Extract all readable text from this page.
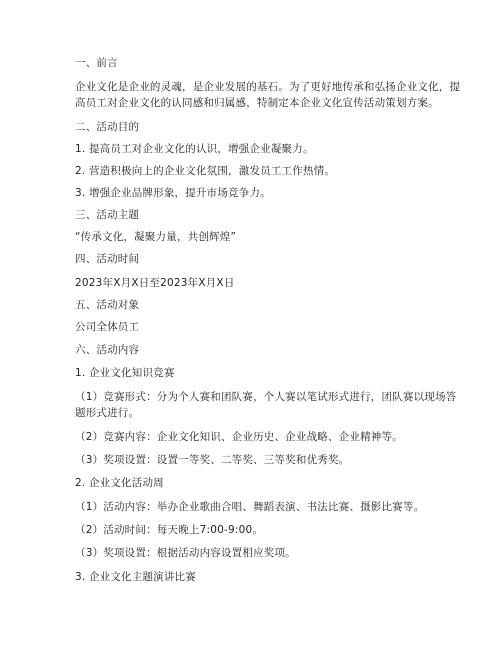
一、前言
企业文化是企业的灵魂，是企业发展的基石。为了更好地传承和弘扬企业文化，提
高员工对企业文化的认同感和归属感，特制定本企业文化宣传活动策划方案。
二、活动目的
1. 提高员工对企业文化的认识，增强企业凝聚力。
2. 营造积极向上的企业文化氛围，激发员工工作热情。
3. 增强企业品牌形象，提升市场竞争力。
三、活动主题
“传承文化，凝聚力量，共创辉煌”
四、活动时间
2023年X月X日至2023年X月X日
五、活动对象
公司全体员工
六、活动内容
1. 企业文化知识竞赛
（1）竞赛形式：分为个人赛和团队赛，个人赛以笔试形式进行，团队赛以现场答
题形式进行。
（2）竞赛内容：企业文化知识、企业历史、企业战略、企业精神等。
（3）奖项设置：设置一等奖、二等奖、三等奖和优秀奖。
2. 企业文化活动周
（1）活动内容：举办企业歌曲合唱、舞蹈表演、书法比赛、摄影比赛等。
（2）活动时间：每天晚上7:00-9:00。
（3）奖项设置：根据活动内容设置相应奖项。
3. 企业文化主题演讲比赛
